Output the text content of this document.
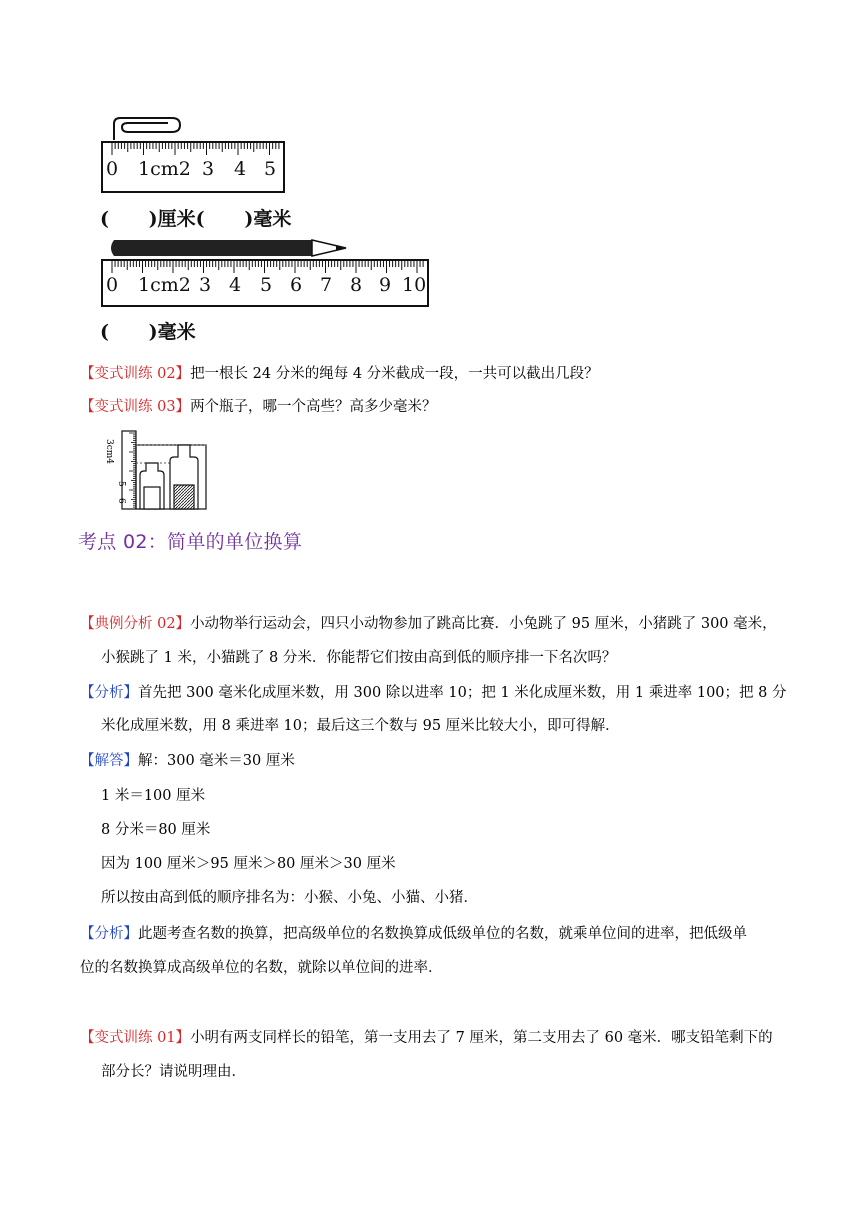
0 1cm2 3 4 5
(      )厘米(      )毫米
0 1cm2 3 4 5 6 7 8 9 10
(      )毫米
【变式训练 02】把一根长 24 分米的绳每 4 分米截成一段，一共可以截出几段？
【变式训练 03】两个瓶子，哪一个高些？高多少毫米？
3cm4
5
6
考点 02：简单的单位换算
【典例分析 02】小动物举行运动会，四只小动物参加了跳高比赛．小兔跳了 95 厘米，小猪跳了 300 毫米，
小猴跳了 1 米，小猫跳了 8 分米．你能帮它们按由高到低的顺序排一下名次吗？
【分析】首先把 300 毫米化成厘米数，用 300 除以进率 10；把 1 米化成厘米数，用 1 乘进率 100；把 8 分
米化成厘米数，用 8 乘进率 10；最后这三个数与 95 厘米比较大小，即可得解．
【解答】解：300 毫米＝30 厘米
1 米＝100 厘米
8 分米＝80 厘米
因为 100 厘米＞95 厘米＞80 厘米＞30 厘米
所以按由高到低的顺序排名为：小猴、小兔、小猫、小猪．
【分析】此题考查名数的换算，把高级单位的名数换算成低级单位的名数，就乘单位间的进率，把低级单
位的名数换算成高级单位的名数，就除以单位间的进率．
【变式训练 01】小明有两支同样长的铅笔，第一支用去了 7 厘米，第二支用去了 60 毫米．哪支铅笔剩下的
部分长？请说明理由．
